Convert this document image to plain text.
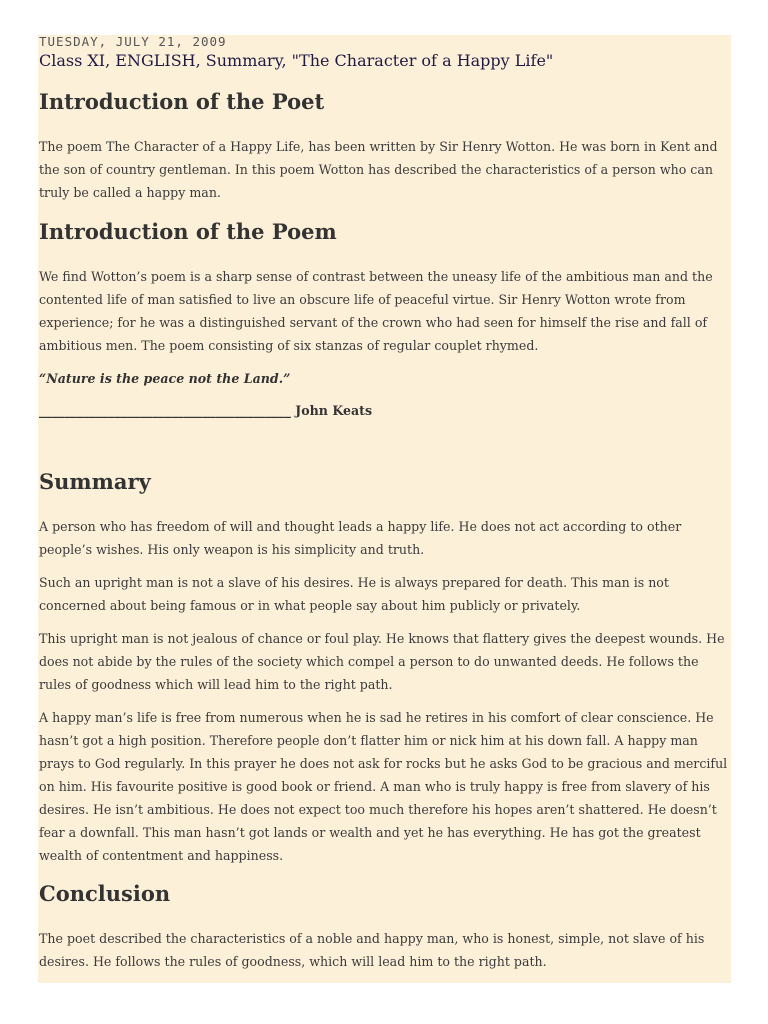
TUESDAY, JULY 21, 2009
Class XI, ENGLISH, Summary, "The Character of a Happy Life"
Introduction of the Poet

The poem The Character of a Happy Life, has been written by Sir Henry Wotton. He was born in Kent and the son of country gentleman. In this poem Wotton has described the characteristics of a person who can truly be called a happy man.

Introduction of the Poem

We find Wotton’s poem is a sharp sense of contrast between the uneasy life of the ambitious man and the contented life of man satisfied to live an obscure life of peaceful virtue. Sir Henry Wotton wrote from experience; for he was a distinguished servant of the crown who had seen for himself the rise and fall of ambitious men. The poem consisting of six stanzas of regular couplet rhymed.

“Nature is the peace not the Land.”

________________________________________ John Keats

Summary

A person who has freedom of will and thought leads a happy life. He does not act according to other people’s wishes. His only weapon is his simplicity and truth.

Such an upright man is not a slave of his desires. He is always prepared for death. This man is not concerned about being famous or in what people say about him publicly or privately.

This upright man is not jealous of chance or foul play. He knows that flattery gives the deepest wounds. He does not abide by the rules of the society which compel a person to do unwanted deeds. He follows the rules of goodness which will lead him to the right path.

A happy man’s life is free from numerous when he is sad he retires in his comfort of clear conscience. He hasn’t got a high position. Therefore people don’t flatter him or nick him at his down fall. A happy man prays to God regularly. In this prayer he does not ask for rocks but he asks God to be gracious and merciful on him. His favourite positive is good book or friend. A man who is truly happy is free from slavery of his desires. He isn’t ambitious. He does not expect too much therefore his hopes aren’t shattered. He doesn’t fear a downfall. This man hasn’t got lands or wealth and yet he has everything. He has got the greatest wealth of contentment and happiness.

Conclusion

The poet described the characteristics of a noble and happy man, who is honest, simple, not slave of his desires. He follows the rules of goodness, which will lead him to the right path.
